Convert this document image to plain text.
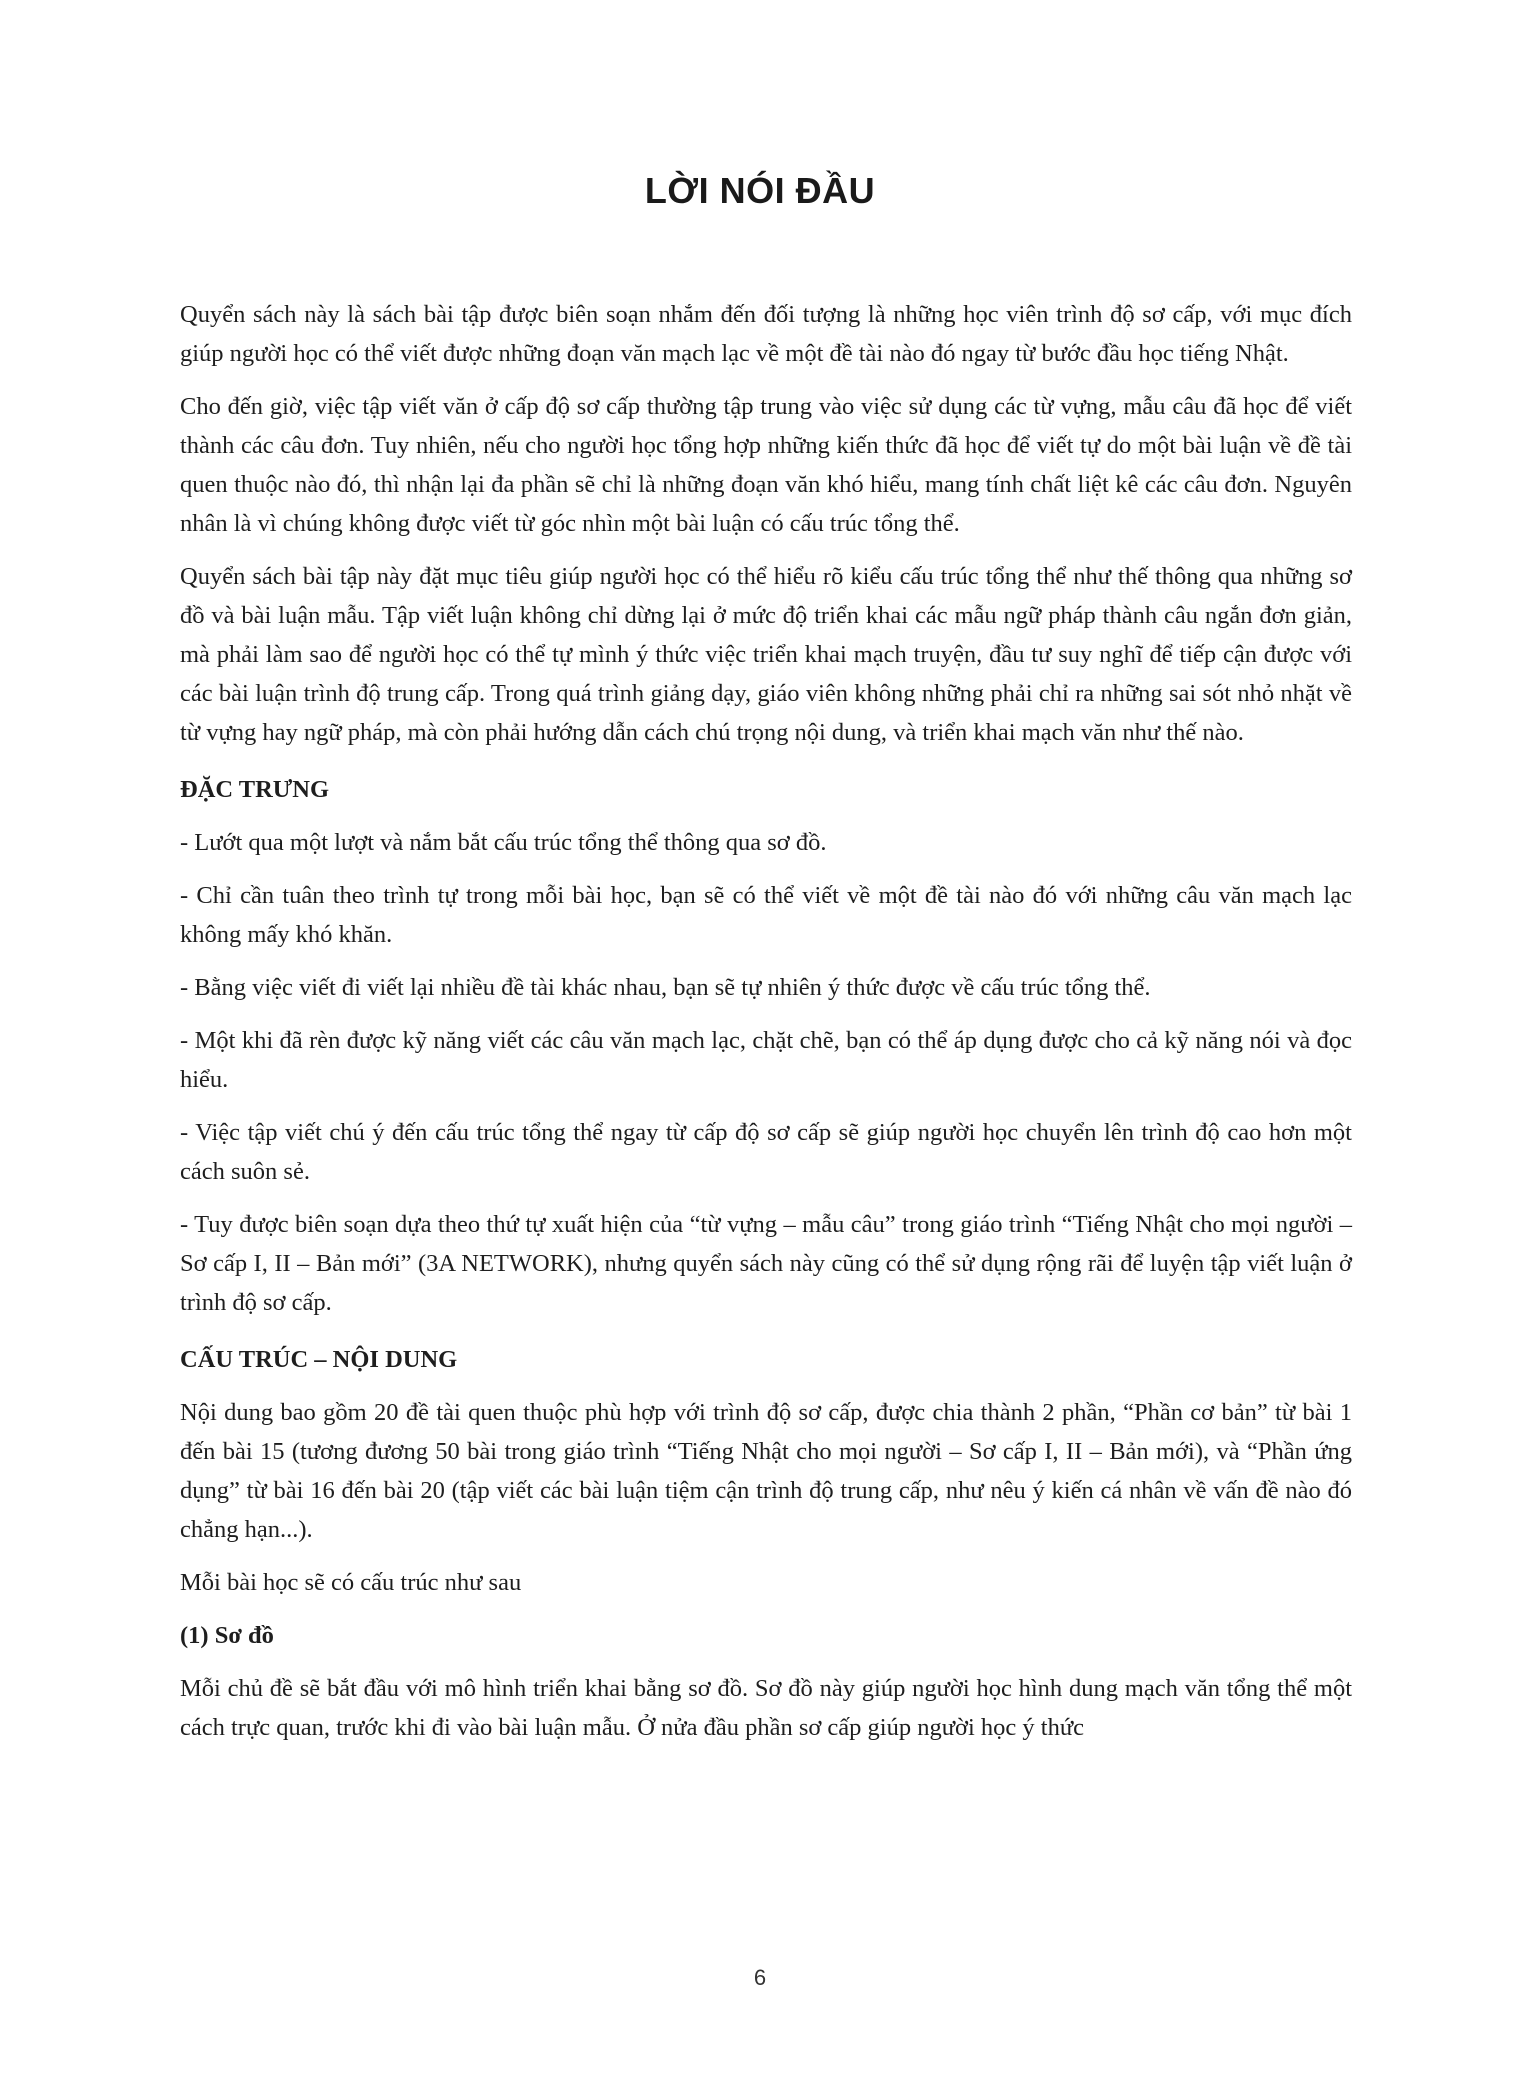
LỜI NÓI ĐẦU

Quyển sách này là sách bài tập được biên soạn nhắm đến đối tượng là những học viên trình độ sơ cấp, với mục đích giúp người học có thể viết được những đoạn văn mạch lạc về một đề tài nào đó ngay từ bước đầu học tiếng Nhật.

Cho đến giờ, việc tập viết văn ở cấp độ sơ cấp thường tập trung vào việc sử dụng các từ vựng, mẫu câu đã học để viết thành các câu đơn. Tuy nhiên, nếu cho người học tổng hợp những kiến thức đã học để viết tự do một bài luận về đề tài quen thuộc nào đó, thì nhận lại đa phần sẽ chỉ là những đoạn văn khó hiểu, mang tính chất liệt kê các câu đơn. Nguyên nhân là vì chúng không được viết từ góc nhìn một bài luận có cấu trúc tổng thể.

Quyển sách bài tập này đặt mục tiêu giúp người học có thể hiểu rõ kiểu cấu trúc tổng thể như thế thông qua những sơ đồ và bài luận mẫu. Tập viết luận không chỉ dừng lại ở mức độ triển khai các mẫu ngữ pháp thành câu ngắn đơn giản, mà phải làm sao để người học có thể tự mình ý thức việc triển khai mạch truyện, đầu tư suy nghĩ để tiếp cận được với các bài luận trình độ trung cấp. Trong quá trình giảng dạy, giáo viên không những phải chỉ ra những sai sót nhỏ nhặt về từ vựng hay ngữ pháp, mà còn phải hướng dẫn cách chú trọng nội dung, và triển khai mạch văn như thế nào.

ĐẶC TRƯNG

- Lướt qua một lượt và nắm bắt cấu trúc tổng thể thông qua sơ đồ.

- Chỉ cần tuân theo trình tự trong mỗi bài học, bạn sẽ có thể viết về một đề tài nào đó với những câu văn mạch lạc không mấy khó khăn.

- Bằng việc viết đi viết lại nhiều đề tài khác nhau, bạn sẽ tự nhiên ý thức được về cấu trúc tổng thể.

- Một khi đã rèn được kỹ năng viết các câu văn mạch lạc, chặt chẽ, bạn có thể áp dụng được cho cả kỹ năng nói và đọc hiểu.

- Việc tập viết chú ý đến cấu trúc tổng thể ngay từ cấp độ sơ cấp sẽ giúp người học chuyển lên trình độ cao hơn một cách suôn sẻ.

- Tuy được biên soạn dựa theo thứ tự xuất hiện của “từ vựng – mẫu câu” trong giáo trình “Tiếng Nhật cho mọi người – Sơ cấp I, II – Bản mới” (3A NETWORK), nhưng quyển sách này cũng có thể sử dụng rộng rãi để luyện tập viết luận ở trình độ sơ cấp.

CẤU TRÚC – NỘI DUNG

Nội dung bao gồm 20 đề tài quen thuộc phù hợp với trình độ sơ cấp, được chia thành 2 phần, “Phần cơ bản” từ bài 1 đến bài 15 (tương đương 50 bài trong giáo trình “Tiếng Nhật cho mọi người – Sơ cấp I, II – Bản mới), và “Phần ứng dụng” từ bài 16 đến bài 20 (tập viết các bài luận tiệm cận trình độ trung cấp, như nêu ý kiến cá nhân về vấn đề nào đó chẳng hạn...).

Mỗi bài học sẽ có cấu trúc như sau

(1) Sơ đồ

Mỗi chủ đề sẽ bắt đầu với mô hình triển khai bằng sơ đồ. Sơ đồ này giúp người học hình dung mạch văn tổng thể một cách trực quan, trước khi đi vào bài luận mẫu. Ở nửa đầu phần sơ cấp giúp người học ý thức

6
